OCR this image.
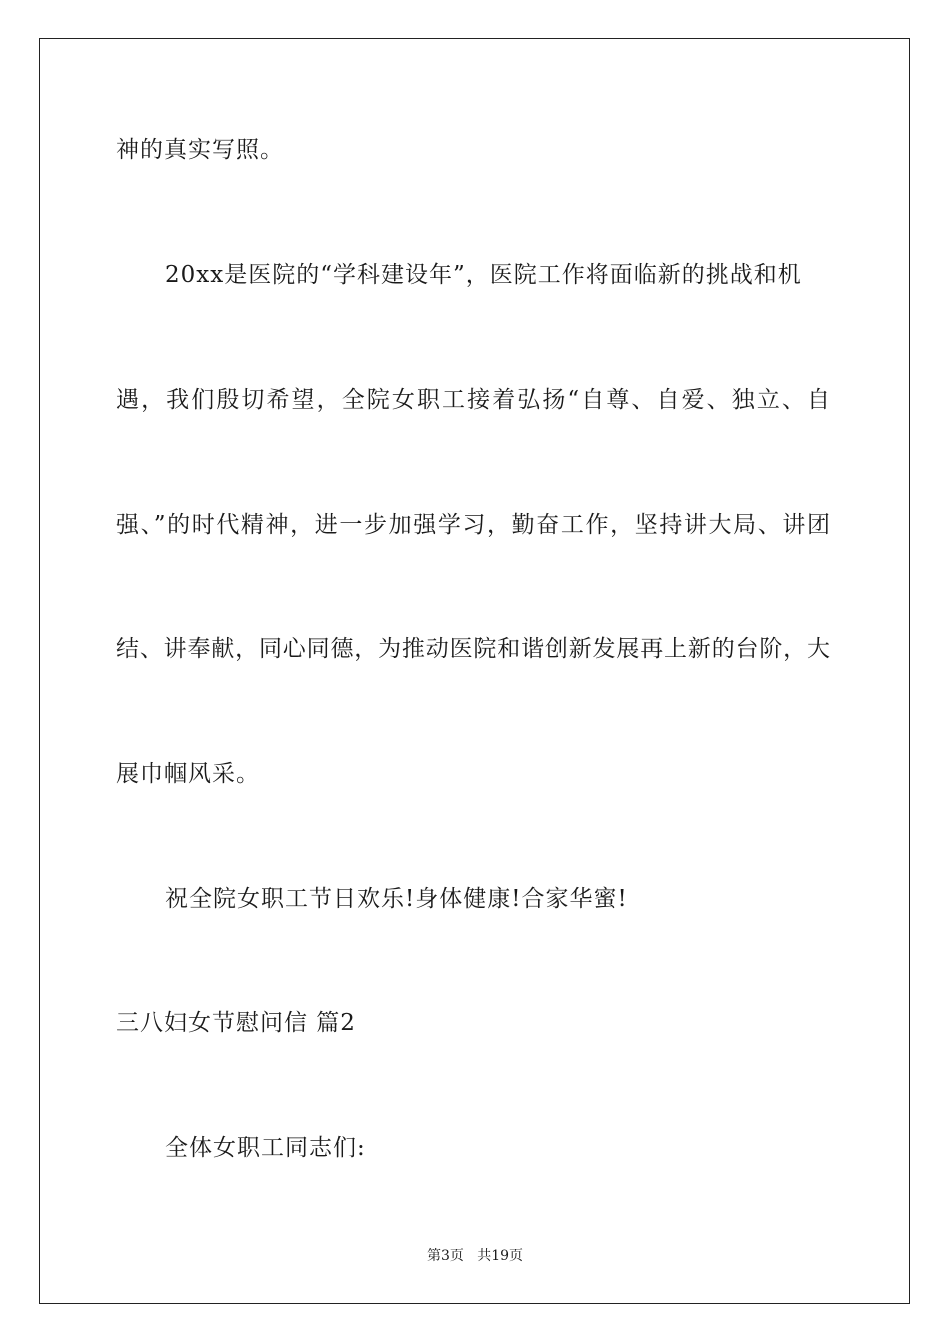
神的真实写照。
20xx是医院的“学科建设年”，医院工作将面临新的挑战和机
遇，我们殷切希望，全院女职工接着弘扬“自尊、自爱、独立、自
强、”的时代精神，进一步加强学习，勤奋工作，坚持讲大局、讲团
结、讲奉献，同心同德，为推动医院和谐创新发展再上新的台阶，大
展巾帼风采。
祝全院女职工节日欢乐!身体健康!合家华蜜!
三八妇女节慰问信 篇2
全体女职工同志们:
第3页   共19页
